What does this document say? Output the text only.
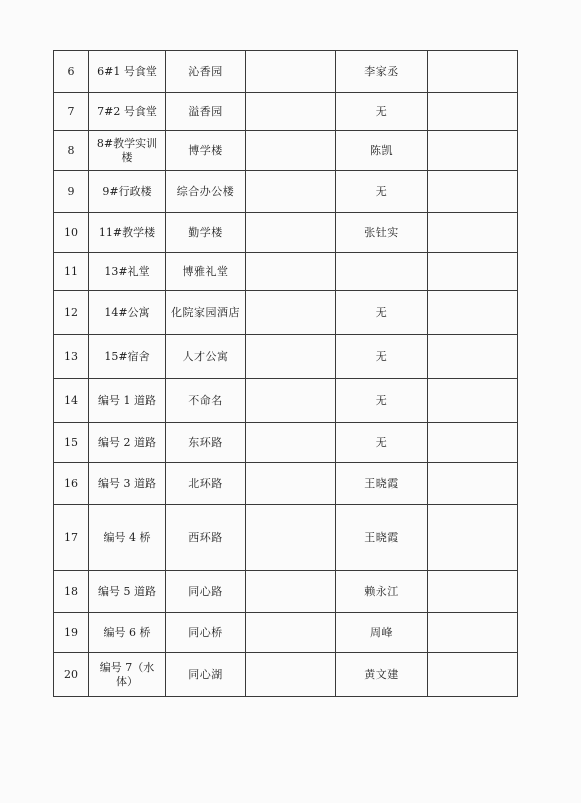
6	6#1 号食堂	沁香园		李家丞	
7	7#2 号食堂	溢香园		无	
8	8#教学实训楼	博学楼		陈凯	
9	9#行政楼	综合办公楼		无	
10	11#教学楼	勤学楼		张钍实	
11	13#礼堂	博雅礼堂			
12	14#公寓	化院家园酒店		无	
13	15#宿舍	人才公寓		无	
14	编号 1 道路	不命名		无	
15	编号 2 道路	东环路		无	
16	编号 3 道路	北环路		王晓霞	
17	编号 4 桥	西环路		王晓霞	
18	编号 5 道路	同心路		赖永江	
19	编号 6 桥	同心桥		周峰	
20	编号 7（水体）	同心湖		黄文建	
